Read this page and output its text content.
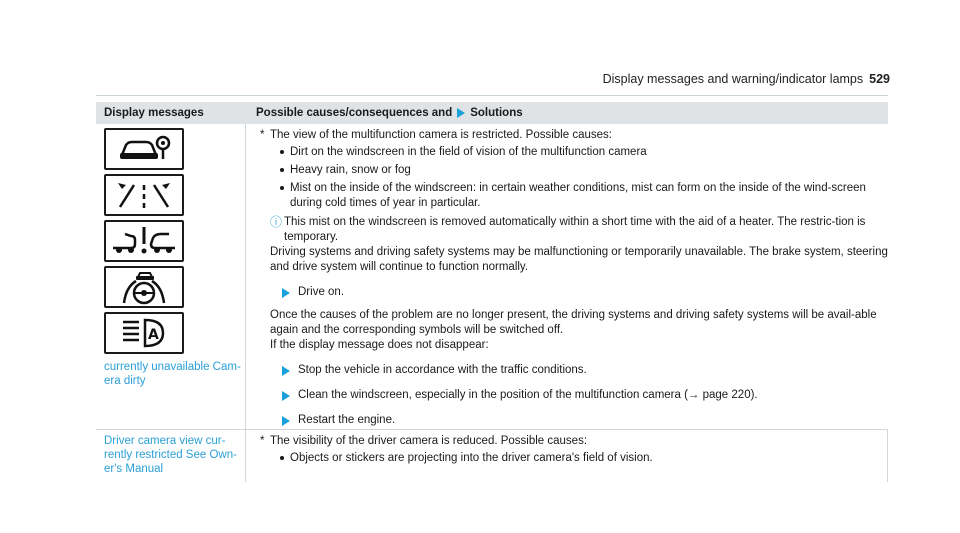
Display messages and warning/indicator lamps 529
Display messages	Possible causes/consequences and Solutions
A
currently unavailable Cam-era dirty
* The view of the multifunction camera is restricted. Possible causes:
Dirt on the windscreen in the field of vision of the multifunction camera
Heavy rain, snow or fog
Mist on the inside of the windscreen: in certain weather conditions, mist can form on the inside of the wind-screen during cold times of year in particular.
ⓘ This mist on the windscreen is removed automatically within a short time with the aid of a heater. The restric-tion is temporary.

Driving systems and driving safety systems may be malfunctioning or temporarily unavailable. The brake system, steering and drive system will continue to function normally.

Drive on.

Once the causes of the problem are no longer present, the driving systems and driving safety systems will be avail-able again and the corresponding symbols will be switched off.

If the display message does not disappear:

Stop the vehicle in accordance with the traffic conditions.
Clean the windscreen, especially in the position of the multifunction camera (→ page 220).
Restart the engine.
Driver camera view cur-rently restricted See Own-er's Manual
* The visibility of the driver camera is reduced. Possible causes:
Objects or stickers are projecting into the driver camera's field of vision.
